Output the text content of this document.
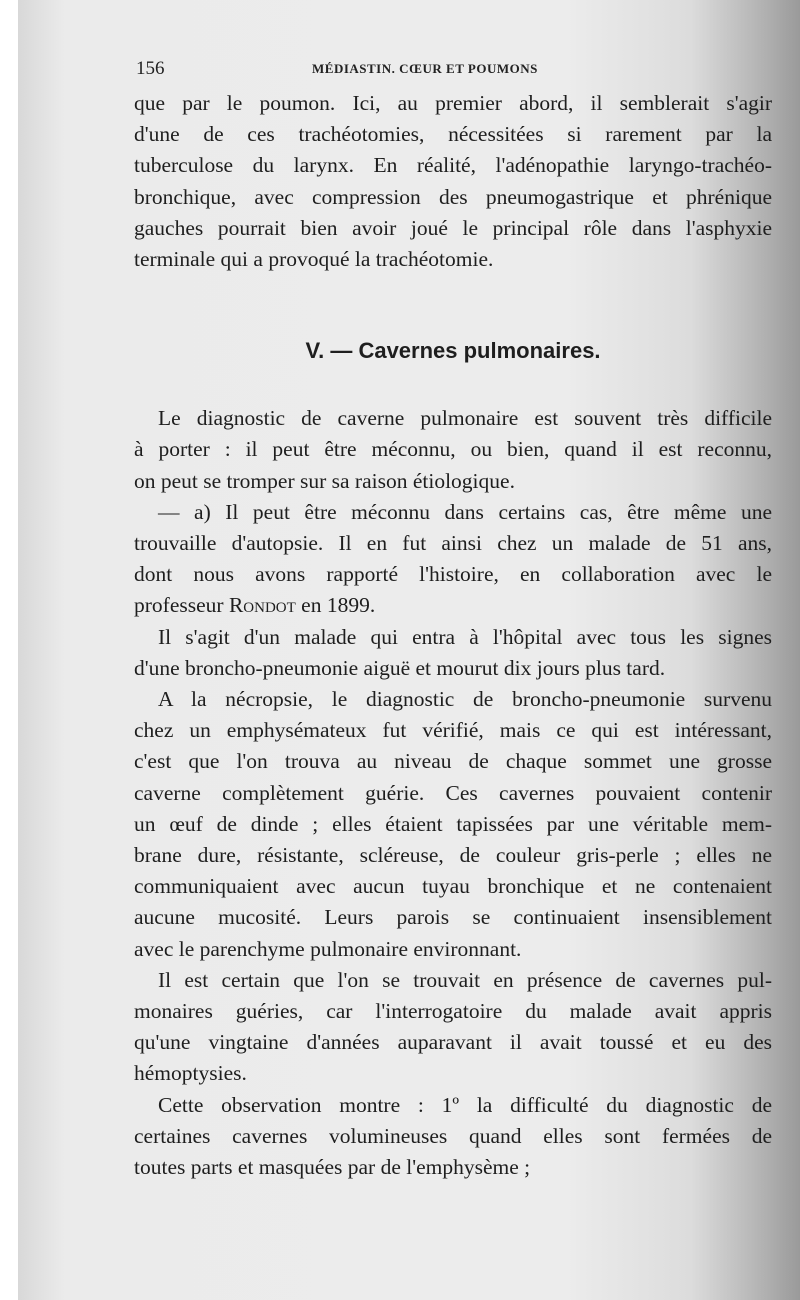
156	MÉDIASTIN. CŒUR ET POUMONS
que par le poumon. Ici, au premier abord, il semblerait s'agir
d'une de ces trachéotomies, nécessitées si rarement par la
tuberculose du larynx. En réalité, l'adénopathie laryngo-trachéo-
bronchique, avec compression des pneumogastrique et phrénique
gauches pourrait bien avoir joué le principal rôle dans l'asphyxie
terminale qui a provoqué la trachéotomie.
V. — Cavernes pulmonaires.
Le diagnostic de caverne pulmonaire est souvent très difficile
à porter : il peut être méconnu, ou bien, quand il est reconnu,
on peut se tromper sur sa raison étiologique.
— a) Il peut être méconnu dans certains cas, être même une
trouvaille d'autopsie. Il en fut ainsi chez un malade de 51 ans,
dont nous avons rapporté l'histoire, en collaboration avec le
professeur Rondot en 1899.
Il s'agit d'un malade qui entra à l'hôpital avec tous les signes
d'une broncho-pneumonie aiguë et mourut dix jours plus tard.
A la nécropsie, le diagnostic de broncho-pneumonie survenu
chez un emphysémateux fut vérifié, mais ce qui est intéressant,
c'est que l'on trouva au niveau de chaque sommet une grosse
caverne complètement guérie. Ces cavernes pouvaient contenir
un œuf de dinde ; elles étaient tapissées par une véritable mem-
brane dure, résistante, scléreuse, de couleur gris-perle ; elles ne
communiquaient avec aucun tuyau bronchique et ne contenaient
aucune mucosité. Leurs parois se continuaient insensiblement
avec le parenchyme pulmonaire environnant.
Il est certain que l'on se trouvait en présence de cavernes pul-
monaires guéries, car l'interrogatoire du malade avait appris
qu'une vingtaine d'années auparavant il avait toussé et eu des
hémoptysies.
Cette observation montre : 1º la difficulté du diagnostic de
certaines cavernes volumineuses quand elles sont fermées de
toutes parts et masquées par de l'emphysème ;
